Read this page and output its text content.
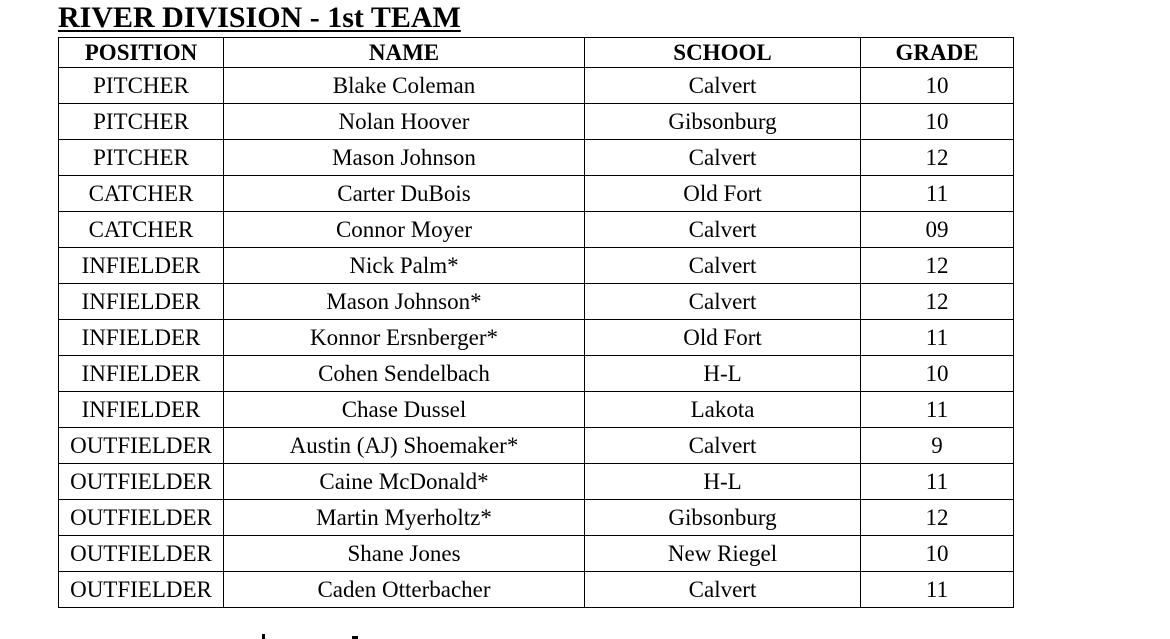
RIVER DIVISION - 1st TEAM
POSITION	NAME	SCHOOL	GRADE
PITCHER	Blake Coleman	Calvert	10
PITCHER	Nolan Hoover	Gibsonburg	10
PITCHER	Mason Johnson	Calvert	12
CATCHER	Carter DuBois	Old Fort	11
CATCHER	Connor Moyer	Calvert	09
INFIELDER	Nick Palm*	Calvert	12
INFIELDER	Mason Johnson*	Calvert	12
INFIELDER	Konnor Ersnberger*	Old Fort	11
INFIELDER	Cohen Sendelbach	H-L	10
INFIELDER	Chase Dussel	Lakota	11
OUTFIELDER	Austin (AJ) Shoemaker*	Calvert	9
OUTFIELDER	Caine McDonald*	H-L	11
OUTFIELDER	Martin Myerholtz*	Gibsonburg	12
OUTFIELDER	Shane Jones	New Riegel	10
OUTFIELDER	Caden Otterbacher	Calvert	11
